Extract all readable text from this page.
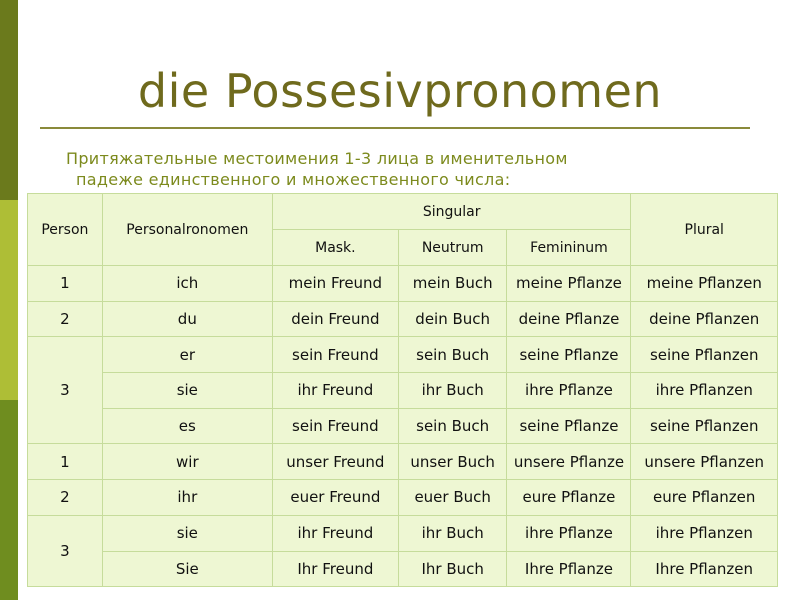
die Possesivpronomen
Притяжательные местоимения 1-3 лица в именительном
падеже единственного и множественного числа:
Person	Personalronomen	Singular			Plural
		Mask.	Neutrum	Femininum	
1	ich	mein Freund	mein Buch	meine Pflanze	meine Pflanzen
2	du	dein Freund	dein Buch	deine Pflanze	deine Pflanzen
3	er	sein Freund	sein Buch	seine Pflanze	seine Pflanzen
	sie	ihr Freund	ihr Buch	ihre Pflanze	ihre Pflanzen
	es	sein Freund	sein Buch	seine Pflanze	seine Pflanzen
1	wir	unser Freund	unser Buch	unsere Pflanze	unsere Pflanzen
2	ihr	euer Freund	euer Buch	eure Pflanze	eure Pflanzen
3	sie	ihr Freund	ihr Buch	ihre Pflanze	ihre Pflanzen
	Sie	Ihr Freund	Ihr Buch	Ihre Pflanze	Ihre Pflanzen
